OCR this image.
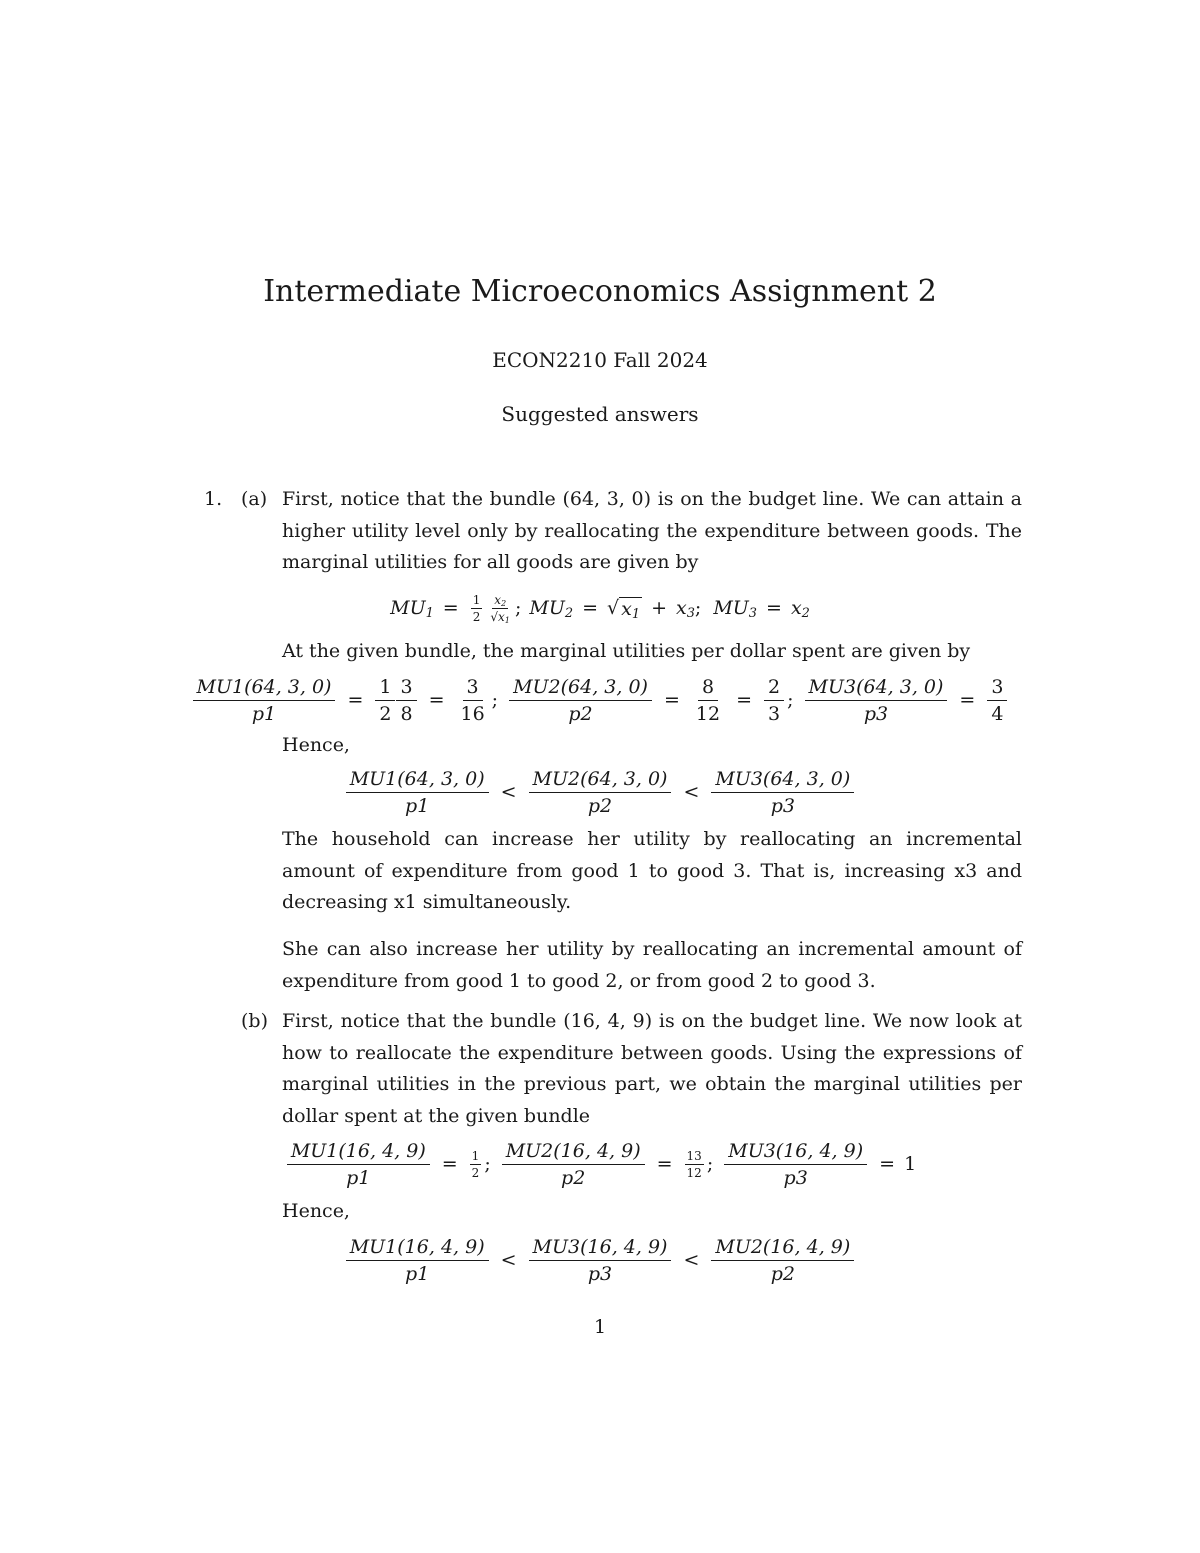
Intermediate Microeconomics Assignment 2
ECON2210 Fall 2024
Suggested answers
1. (a) First, notice that the bundle (64, 3, 0) is on the budget line. We can attain a higher utility level only by reallocating the expenditure between goods. The marginal utilities for all goods are given by
$MU_1 = \frac{1}{2} \frac{x_2}{√x_1}$ ; $MU_2$ = √ $x_1 + x_3$ ; $MU_3 = x_2$
At the given bundle, the marginal utilities per dollar spent are given by
$\frac{MU1(64, 3, 0)}{p1} = \frac{1}{2} \frac{3}{8} = \frac{3}{16}$ ; $\frac{MU2(64, 3, 0)}{p2} = \frac{8}{12} = \frac{2}{3}$ ; $\frac{MU3(64, 3, 0)}{p3} = \frac{3}{4}$
Hence,
$\frac{MU1(64, 3, 0)}{p1} < \frac{MU2(64, 3, 0)}{p2} < \frac{MU3(64, 3, 0)}{p3}$
The household can increase her utility by reallocating an incremental amount of expenditure from good 1 to good 3. That is, increasing x3 and decreasing x1 simultaneously.
She can also increase her utility by reallocating an incremental amount of expenditure from good 1 to good 2, or from good 2 to good 3.
(b) First, notice that the bundle (16, 4, 9) is on the budget line. We now look at how to reallocate the expenditure between goods. Using the expressions of marginal utilities in the previous part, we obtain the marginal utilities per dollar spent at the given bundle
$\frac{MU1(16, 4, 9)}{p1} = \frac{1}{2}$ ; $\frac{MU2(16, 4, 9)}{p2} = \frac{13}{12}$ ; $\frac{MU3(16, 4, 9)}{p3} = 1$
Hence,
$\frac{MU1(16, 4, 9)}{p1} < \frac{MU3(16, 4, 9)}{p3} < \frac{MU2(16, 4, 9)}{p2}$
1
